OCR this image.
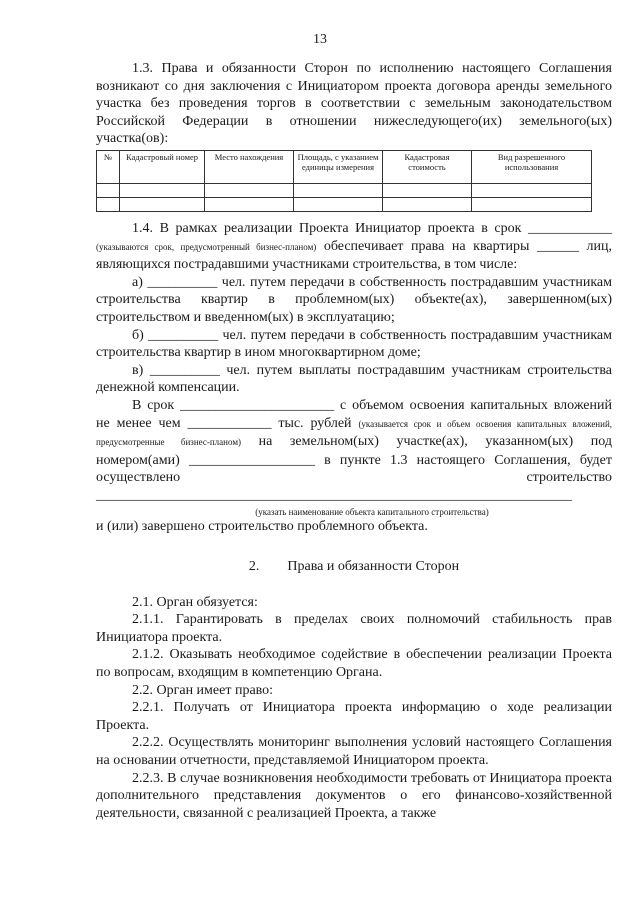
13

1.3. Права и обязанности Сторон по исполнению настоящего Соглашения возникают со дня заключения с Инициатором проекта договора аренды земельного участка без проведения торгов в соответствии с земельным законодательством Российской Федерации в отношении нижеследующего(их) земельного(ых) участка(ов):

№	Кадастровый номер	Место нахождения	Площадь, с указанием единицы измерения	Кадастровая стоимость	Вид разрешенного использования

1.4. В рамках реализации Проекта Инициатор проекта в срок ____________ (указываются срок, предусмотренный бизнес-планом) обеспечивает права на квартиры ______ лиц, являющихся пострадавшими участниками строительства, в том числе:

а) __________ чел. путем передачи в собственность пострадавшим участникам строительства квартир в проблемном(ых) объекте(ах), завершенном(ых) строительством и введенном(ых) в эксплуатацию;

б) __________ чел. путем передачи в собственность пострадавшим участникам строительства квартир в ином многоквартирном доме;

в) __________ чел. путем выплаты пострадавшим участникам строительства денежной компенсации.

В срок ______________________ с объемом освоения капитальных вложений не менее чем ____________ тыс. рублей (указывается срок и объем освоения капитальных вложений, предусмотренные бизнес-планом) на земельном(ых) участке(ах), указанном(ых) под номером(ами) __________________ в пункте 1.3 настоящего Соглашения, будет осуществлено строительство ____________________________________________________________________
(указать наименование объекта капитального строительства)

и (или) завершено строительство проблемного объекта.

2. Права и обязанности Сторон

2.1. Орган обязуется:

2.1.1. Гарантировать в пределах своих полномочий стабильность прав Инициатора проекта.

2.1.2. Оказывать необходимое содействие в обеспечении реализации Проекта по вопросам, входящим в компетенцию Органа.

2.2. Орган имеет право:

2.2.1. Получать от Инициатора проекта информацию о ходе реализации Проекта.

2.2.2. Осуществлять мониторинг выполнения условий настоящего Соглашения на основании отчетности, представляемой Инициатором проекта.

2.2.3. В случае возникновения необходимости требовать от Инициатора проекта дополнительного представления документов о его финансово-хозяйственной деятельности, связанной с реализацией Проекта, а также
